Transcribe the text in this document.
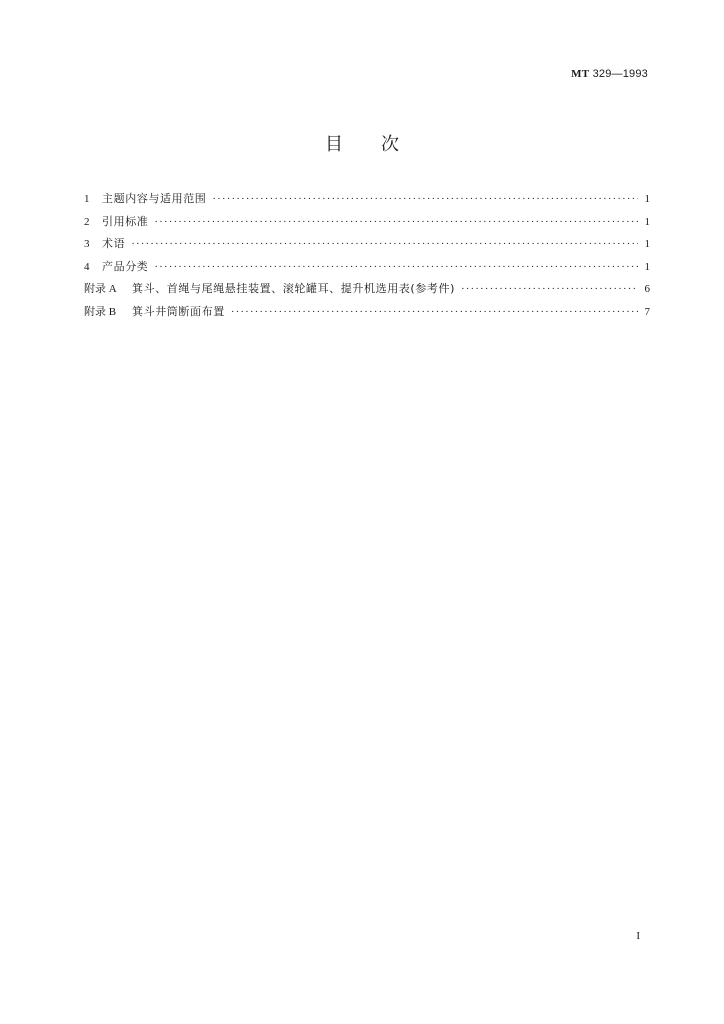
MT 329—1993
目 次
1	主题内容与适用范围 ·····	1
2	引用标准 ·····	1
3	术语 ·····	1
4	产品分类 ·····	1
附录 A	箕斗、首绳与尾绳悬挂装置、滚轮罐耳、提升机选用表(参考件) ·····	6
附录 B	箕斗井筒断面布置 ·····	7
I
